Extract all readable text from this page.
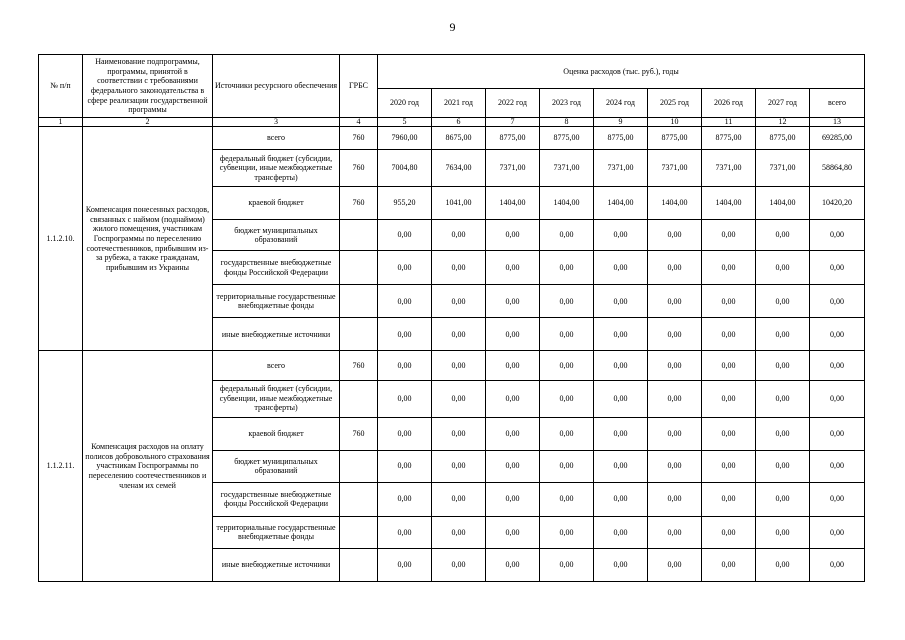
9
№ п/п	Наименование подпрограммы, программы, принятой в соответствии с требованиями федерального законодательства в сфере реализации государственной программы	Источники ресурсного обеспечения	ГРБС	Оценка расходов (тыс. руб.), годы								
				2020 год	2021 год	2022 год	2023 год	2024 год	2025 год	2026 год	2027 год	всего
1	2	3	4	5	6	7	8	9	10	11	12	13
1.1.2.10.	Компенсация понесенных расходов, связанных с наймом (поднаймом) жилого помещения, участникам Госпрограммы по переселению соотечественников, прибывшим из-за рубежа, а также гражданам, прибывшим из Украины	всего	760	7960,00	8675,00	8775,00	8775,00	8775,00	8775,00	8775,00	8775,00	69285,00
		федеральный бюджет (субсидии, субвенции, иные межбюджетные трансферты)	760	7004,80	7634,00	7371,00	7371,00	7371,00	7371,00	7371,00	7371,00	58864,80
		краевой бюджет	760	955,20	1041,00	1404,00	1404,00	1404,00	1404,00	1404,00	1404,00	10420,20
		бюджет муниципальных образований		0,00	0,00	0,00	0,00	0,00	0,00	0,00	0,00	0,00
		государственные внебюджетные фонды Российской Федерации		0,00	0,00	0,00	0,00	0,00	0,00	0,00	0,00	0,00
		территориальные государственные внебюджетные фонды		0,00	0,00	0,00	0,00	0,00	0,00	0,00	0,00	0,00
		иные внебюджетные источники		0,00	0,00	0,00	0,00	0,00	0,00	0,00	0,00	0,00
1.1.2.11.	Компенсация расходов на оплату полисов добровольного страхования участникам Госпрограммы по переселению соотечественников и членам их семей	всего	760	0,00	0,00	0,00	0,00	0,00	0,00	0,00	0,00	0,00
		федеральный бюджет (субсидии, субвенции, иные межбюджетные трансферты)		0,00	0,00	0,00	0,00	0,00	0,00	0,00	0,00	0,00
		краевой бюджет	760	0,00	0,00	0,00	0,00	0,00	0,00	0,00	0,00	0,00
		бюджет муниципальных образований		0,00	0,00	0,00	0,00	0,00	0,00	0,00	0,00	0,00
		государственные внебюджетные фонды Российской Федерации		0,00	0,00	0,00	0,00	0,00	0,00	0,00	0,00	0,00
		территориальные государственные внебюджетные фонды		0,00	0,00	0,00	0,00	0,00	0,00	0,00	0,00	0,00
		иные внебюджетные источники		0,00	0,00	0,00	0,00	0,00	0,00	0,00	0,00	0,00
